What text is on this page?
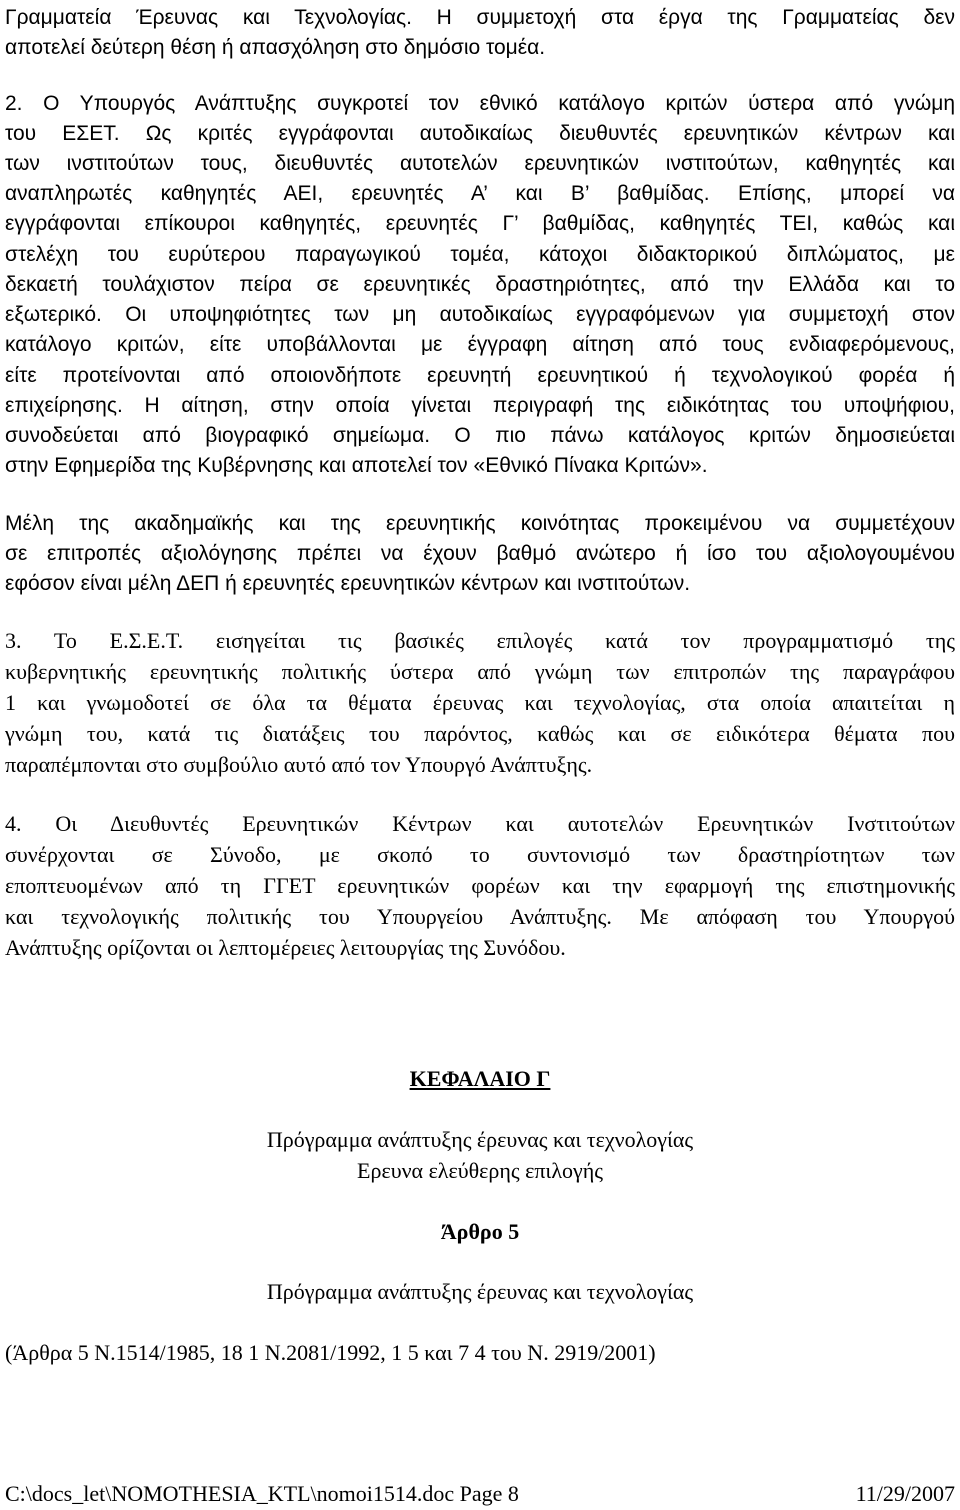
Γραμματεία Έρευνας και Τεχνολογίας. Η συμμετοχή στα έργα της Γραμματείας δεν
αποτελεί δεύτερη θέση ή απασχόληση στο δημόσιο τομέα.
2. Ο Υπουργός Ανάπτυξης συγκροτεί τον εθνικό κατάλογο κριτών ύστερα από γνώμη
του ΕΣΕΤ. Ως κριτές εγγράφονται αυτοδικαίως διευθυντές ερευνητικών κέντρων και
των ινστιτούτων τους, διευθυντές αυτοτελών ερευνητικών ινστιτούτων, καθηγητές και
αναπληρωτές καθηγητές ΑΕΙ, ερευνητές Α’ και Β’ βαθμίδας. Επίσης, μπορεί να
εγγράφονται επίκουροι καθηγητές, ερευνητές Γ’ βαθμίδας, καθηγητές ΤΕΙ, καθώς και
στελέχη του ευρύτερου παραγωγικού τομέα, κάτοχοι διδακτορικού διπλώματος, με
δεκαετή τουλάχιστον πείρα σε ερευνητικές δραστηριότητες, από την Ελλάδα και το
εξωτερικό. Οι υποψηφιότητες των μη αυτοδικαίως εγγραφόμενων για συμμετοχή στον
κατάλογο κριτών, είτε υποβάλλονται με έγγραφη αίτηση από τους ενδιαφερόμενους,
είτε προτείνονται από οποιονδήποτε ερευνητή ερευνητικού ή τεχνολογικού φορέα ή
επιχείρησης. Η αίτηση, στην οποία γίνεται περιγραφή της ειδικότητας του υποψήφιου,
συνοδεύεται από βιογραφικό σημείωμα. Ο πιο πάνω κατάλογος κριτών δημοσιεύεται
στην Εφημερίδα της Κυβέρνησης και αποτελεί τον «Εθνικό Πίνακα Κριτών».
Μέλη της ακαδημαϊκής και της ερευνητικής κοινότητας προκειμένου να συμμετέχουν
σε επιτροπές αξιολόγησης πρέπει να έχουν βαθμό ανώτερο ή ίσο του αξιολογουμένου
εφόσον είναι μέλη ΔΕΠ ή ερευνητές ερευνητικών κέντρων και ινστιτούτων.
3. Το Ε.Σ.Ε.Τ. εισηγείται τις βασικές επιλογές κατά τον προγραμματισμό της
κυβερνητικής ερευνητικής πολιτικής ύστερα από γνώμη των επιτροπών της παραγράφου
1 και γνωμοδοτεί σε όλα τα θέματα έρευνας και τεχνολογίας, στα οποία απαιτείται η
γνώμη του, κατά τις διατάξεις του παρόντος, καθώς και σε ειδικότερα θέματα που
παραπέμπονται στο συμβούλιο αυτό από τον Υπουργό Ανάπτυξης.
4. Οι Διευθυντές Ερευνητικών Κέντρων και αυτοτελών Ερευνητικών Ινστιτούτων
συνέρχονται σε Σύνοδο, με σκοπό το συντονισμό των δραστηρίοτητων των
εποπτευομένων από τη ΓΓΕΤ ερευνητικών φορέων και την εφαρμογή της επιστημονικής
και τεχνολογικής πολιτικής του Υπουργείου Ανάπτυξης. Με απόφαση του Υπουργού
Ανάπτυξης ορίζονται οι λεπτομέρειες λειτουργίας της Συνόδου.
ΚΕΦΑΛΑΙΟ Γ
Πρόγραμμα ανάπτυξης έρευνας και τεχνολογίας
Ερευνα ελεύθερης επιλογής
Άρθρο 5
Πρόγραμμα ανάπτυξης έρευνας και τεχνολογίας
(Άρθρα 5 Ν.1514/1985, 18 1 Ν.2081/1992, 1 5 και 7 4 του Ν. 2919/2001)
C:\docs_let\NOMOTHESIA_KTL\nomoi1514.doc Page 8	11/29/2007
